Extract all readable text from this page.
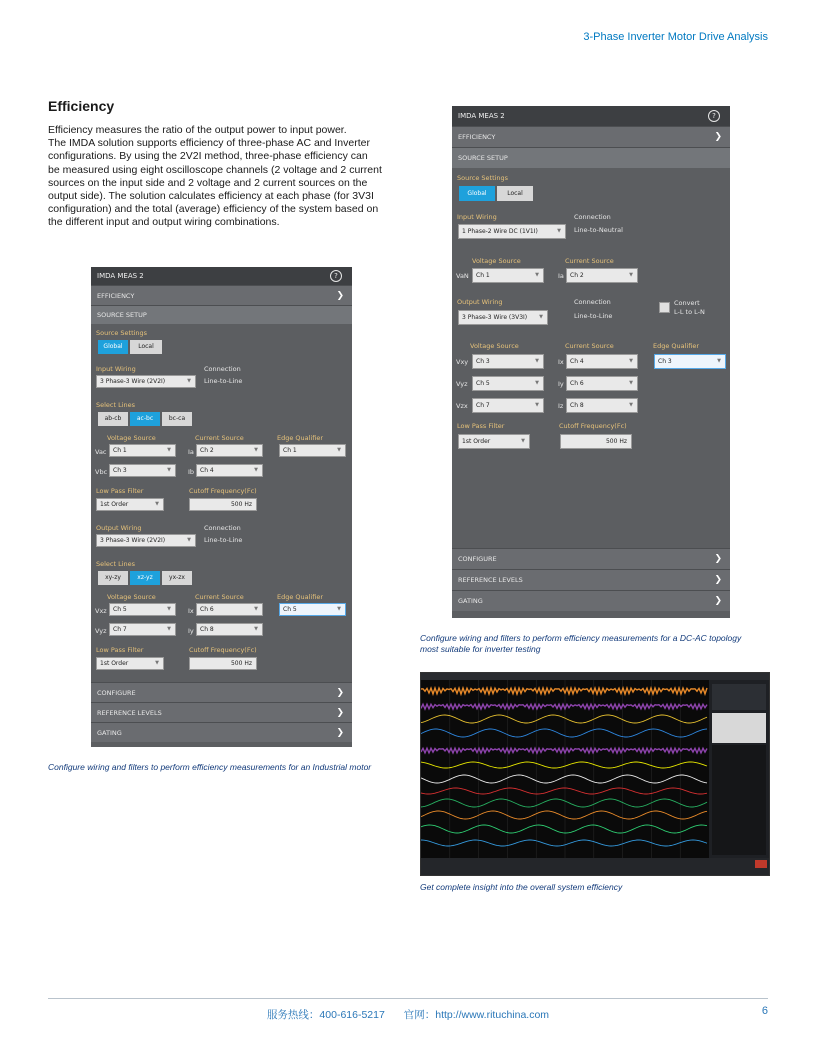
3-Phase Inverter Motor Drive Analysis
Efficiency
Efficiency measures the ratio of the output power to input power.
The IMDA solution supports efficiency of three-phase AC and Inverter
configurations. By using the 2V2I method, three-phase efficiency can
be measured using eight oscilloscope channels (2 voltage and 2 current
sources on the input side and 2 voltage and 2 current sources on the
output side). The solution calculates efficiency at each phase (for 3V3I
configuration) and the total (average) efficiency of the system based on
the different input and output wiring combinations.
IMDA MEAS 2	?
EFFICIENCY	❯
SOURCE SETUP
Source Settings
Global	Local
Input Wiring	Connection
3 Phase-3 Wire (2V2I)	▼ Line-to-Line
Select Lines
ab-cb	ac-bc	bc-ca
Voltage Source	Current Source	Edge Qualifier
Vac	Ch 1	▼	Ia	Ch 2	▼	Ch 1	▼
Vbc Ch 3	▼	Ib Ch 4	▼
Low Pass Filter	Cutoff Frequency(Fc)
1st Order	▼	500 Hz
Output Wiring	Connection
3 Phase-3 Wire (2V2I)	▼ Line-to-Line
Select Lines
xy-zy	xz-yz	yx-zx
Voltage Source	Current Source	Edge Qualifier
Vxz	Ch 5	▼	Ix	Ch 6	▼	Ch 5	▼
Vyz	Ch 7	▼	Iy	Ch 8	▼
Low Pass Filter	Cutoff Frequency(Fc)
1st Order	▼	500 Hz
CONFIGURE	❯
REFERENCE LEVELS	❯
GATING	❯
Configure wiring and filters to perform efficiency measurements for an Industrial motor
IMDA MEAS 2	?
EFFICIENCY	❯
SOURCE SETUP
Source Settings
Global	Local
Input Wiring	Connection
1 Phase-2 Wire DC (1V1I)	▼ Line-to-Neutral
Voltage Source	Current Source
VaN	Ch 1	▼	Ia	Ch 2	▼
Output Wiring	Connection	Convert
L-L to L-N
3 Phase-3 Wire (3V3I) ▼	Line-to-Line
Voltage Source	Current Source	Edge Qualifier
Vxy	Ch 3	▼	Ix	Ch 4	▼	Ch 3	▼
Vyz	Ch 5	▼	Iy	Ch 6	▼
Vzx	Ch 7	▼	Iz	Ch 8	▼
Low Pass Filter	Cutoff Frequency(Fc)
1st Order	▼	500 Hz
CONFIGURE	❯
REFERENCE LEVELS	❯
GATING	❯
Configure wiring and filters to perform efficiency measurements for a DC-AC topology
most suitable for inverter testing
Get complete insight into the overall system efficiency
服务热线：400-616-5217 官网：http://www.rituchina.com	6
